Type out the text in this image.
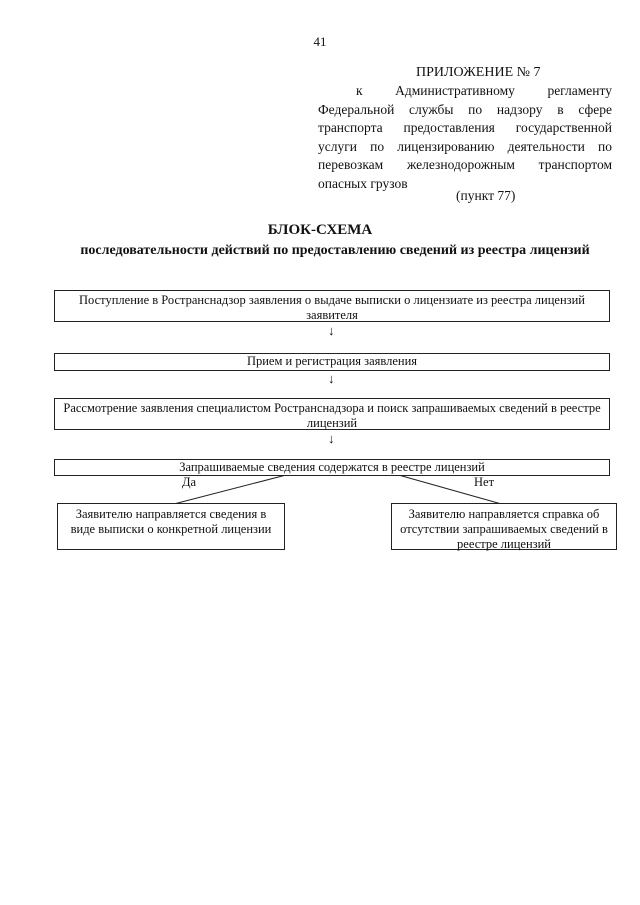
41
ПРИЛОЖЕНИЕ № 7
к Административному регламенту
Федеральной службы по надзору в сфере
транспорта предоставления государственной
услуги по лицензированию деятельности по
перевозкам железнодорожным транспортом
опасных грузов
(пункт 77)
БЛОК-СХЕМА
последовательности действий по предоставлению сведений из реестра лицензий
Поступление в Ространснадзор заявления о выдаче выписки о лицензиате из реестра лицензий заявителя
↓
Прием и регистрация заявления
↓
Рассмотрение заявления специалистом Ространснадзора и поиск запрашиваемых сведений в реестре лицензий
↓
Запрашиваемые сведения содержатся в реестре лицензий
Да	Нет
Заявителю направляется сведения в виде выписки о конкретной лицензии
Заявителю направляется справка об отсутствии запрашиваемых сведений в реестре лицензий
